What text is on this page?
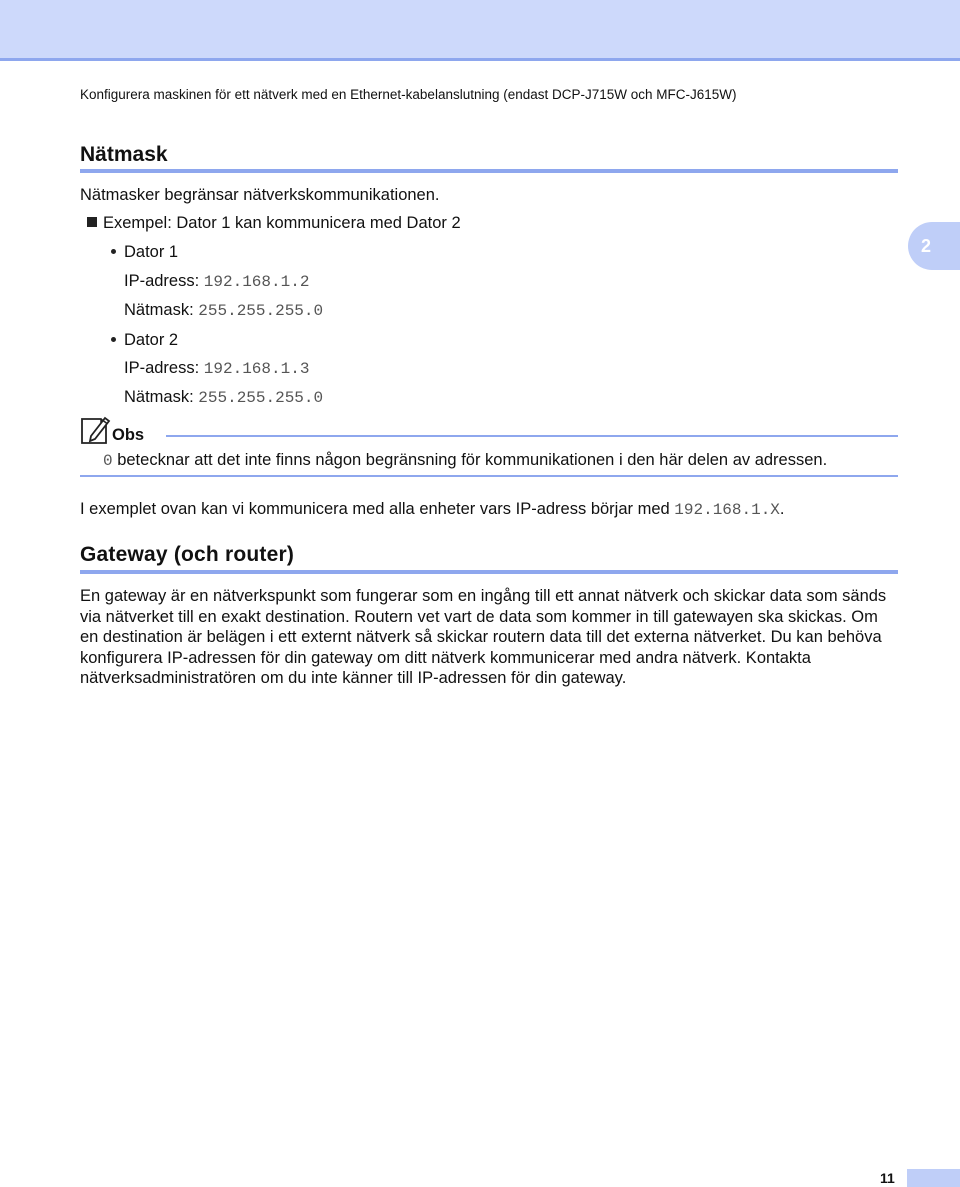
Konfigurera maskinen för ett nätverk med en Ethernet-kabelanslutning (endast DCP-J715W och MFC-J615W)
2
Nätmask
Nätmasker begränsar nätverkskommunikationen.
Exempel: Dator 1 kan kommunicera med Dator 2
Dator 1
IP-adress: 192.168.1.2
Nätmask: 255.255.255.0
Dator 2
IP-adress: 192.168.1.3
Nätmask: 255.255.255.0
Obs
0 betecknar att det inte finns någon begränsning för kommunikationen i den här delen av adressen.
I exemplet ovan kan vi kommunicera med alla enheter vars IP-adress börjar med 192.168.1.X.
Gateway (och router)
En gateway är en nätverkspunkt som fungerar som en ingång till ett annat nätverk och skickar data som sänds via nätverket till en exakt destination. Routern vet vart de data som kommer in till gatewayen ska skickas. Om en destination är belägen i ett externt nätverk så skickar routern data till det externa nätverket. Du kan behöva konfigurera IP-adressen för din gateway om ditt nätverk kommunicerar med andra nätverk. Kontakta nätverksadministratören om du inte känner till IP-adressen för din gateway.
11
